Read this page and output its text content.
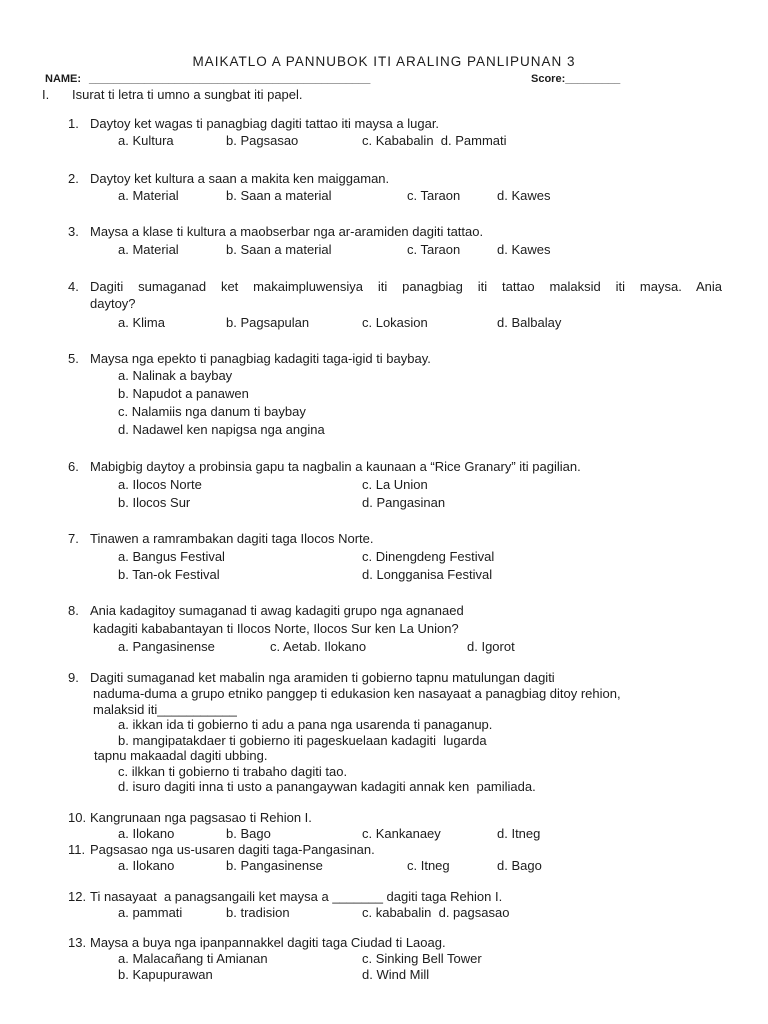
MAIKATLO A PANNUBOK ITI ARALING PANLIPUNAN 3
NAME: ______________________________________________	Score:_________
I. Isurat ti letra ti umno a sungbat iti papel.
1. Daytoy ket wagas ti panagbiag dagiti tattao iti maysa a lugar.
a. Kultura	b. Pagsasao	c. Kababalin  d. Pammati
2. Daytoy ket kultura a saan a makita ken maiggaman.
a. Material	b. Saan a material	c. Taraon	d. Kawes
3. Maysa a klase ti kultura a maobserbar nga ar-aramiden dagiti tattao.
a. Material	b. Saan a material	c. Taraon	d. Kawes
4. Dagiti sumaganad ket makaimpluwensiya iti panagbiag iti tattao malaksid iti maysa. Ania
daytoy?
a. Klima	b. Pagsapulan	c. Lokasion	d. Balbalay
5. Maysa nga epekto ti panagbiag kadagiti taga-igid ti baybay.
a. Nalinak a baybay
b. Napudot a panawen
c. Nalamiis nga danum ti baybay
d. Nadawel ken napigsa nga angina
6. Mabigbig daytoy a probinsia gapu ta nagbalin a kaunaan a “Rice Granary” iti pagilian.
a. Ilocos Norte	c. La Union
b. Ilocos Sur	d. Pangasinan
7. Tinawen a ramrambakan dagiti taga Ilocos Norte.
a. Bangus Festival	c. Dinengdeng Festival
b. Tan-ok Festival	d. Longganisa Festival
8. Ania kadagitoy sumaganad ti awag kadagiti grupo nga agnanaed
kadagiti kababantayan ti Ilocos Norte, Ilocos Sur ken La Union?
a. Pangasinense	c. Aetab. Ilokano	d. Igorot
9. Dagiti sumaganad ket mabalin nga aramiden ti gobierno tapnu matulungan dagiti
naduma-duma a grupo etniko panggep ti edukasion ken nasayaat a panagbiag ditoy rehion,
malaksid iti___________
a. ikkan ida ti gobierno ti adu a pana nga usarenda ti panaganup.
b. mangipatakdaer ti gobierno iti pageskuelaan kadagiti  lugarda
tapnu makaadal dagiti ubbing.
c. ilkkan ti gobierno ti trabaho dagiti tao.
d. isuro dagiti inna ti usto a panangaywan kadagiti annak ken  pamiliada.
10. Kangrunaan nga pagsasao ti Rehion I.
a. Ilokano	b. Bago	c. Kankanaey	d. Itneg
11. Pagsasao nga us-usaren dagiti taga-Pangasinan.
a. Ilokano	b. Pangasinense	c. Itneg	d. Bago
12. Ti nasayaat  a panagsangaili ket maysa a _______ dagiti taga Rehion I.
a. pammati	b. tradision	c. kababalin  d. pagsasao
13. Maysa a buya nga ipanpannakkel dagiti taga Ciudad ti Laoag.
a. Malacañang ti Amianan	c. Sinking Bell Tower
b. Kapupurawan	d. Wind Mill
